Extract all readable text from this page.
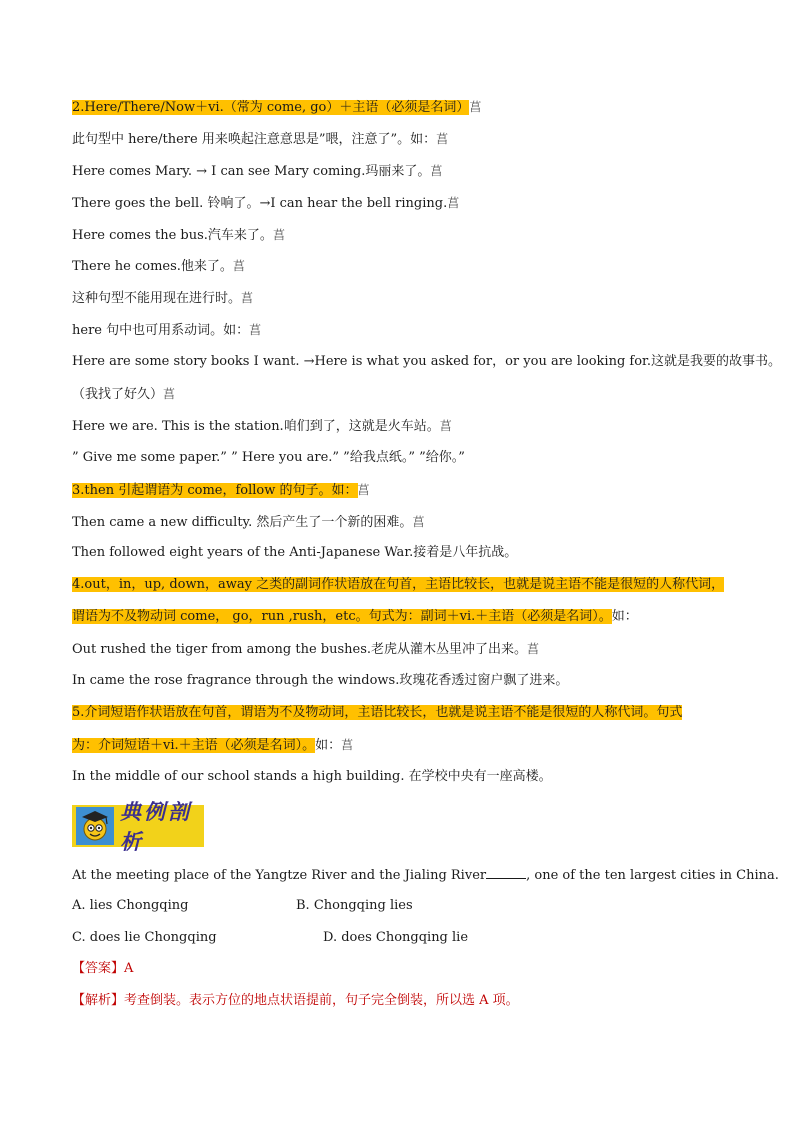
2.Here/There/Now＋vi.（常为 come, go）＋主语（必须是名词）菖
此句型中 here/there 用来唤起注意意思是”喂，注意了”。如：菖
Here comes Mary. → I can see Mary coming.玛丽来了。菖
There goes the bell. 铃响了。→I can hear the bell ringing.菖
Here comes the bus.汽车来了。菖
There he comes.他来了。菖
这种句型不能用现在进行时。菖
here 句中也可用系动词。如：菖
Here are some story books I want. →Here is what you asked for，or you are looking for.这就是我要的故事书。
（我找了好久）菖
Here we are. This is the station.咱们到了，这就是火车站。菖
” Give me some paper.” ” Here you are.” ”给我点纸。” ”给你。”
3.then 引起谓语为 come，follow 的句子。如：菖
Then came a new difficulty. 然后产生了一个新的困难。菖
Then followed eight years of the Anti-Japanese War.接着是八年抗战。
4.out，in，up, down，away 之类的副词作状语放在句首，主语比较长，也就是说主语不能是很短的人称代词，
谓语为不及物动词 come， go，run ,rush，etc。句式为：副词＋vi.＋主语（必须是名词）。如：
Out rushed the tiger from among the bushes.老虎从灌木丛里冲了出来。菖
In came the rose fragrance through the windows.玫瑰花香透过窗户飘了进来。
5.介词短语作状语放在句首，谓语为不及物动词，主语比较长，也就是说主语不能是很短的人称代词。句式
为：介词短语＋vi.＋主语（必须是名词）。如：菖
In the middle of our school stands a high building. 在学校中央有一座高楼。
典例剖析
At the meeting place of the Yangtze River and the Jialing River	, one of the ten largest cities in China.
A. lies Chongqing	B. Chongqing lies
C. does lie Chongqing	D. does Chongqing lie
【答案】A
【解析】考查倒装。表示方位的地点状语提前，句子完全倒装，所以选 A 项。
